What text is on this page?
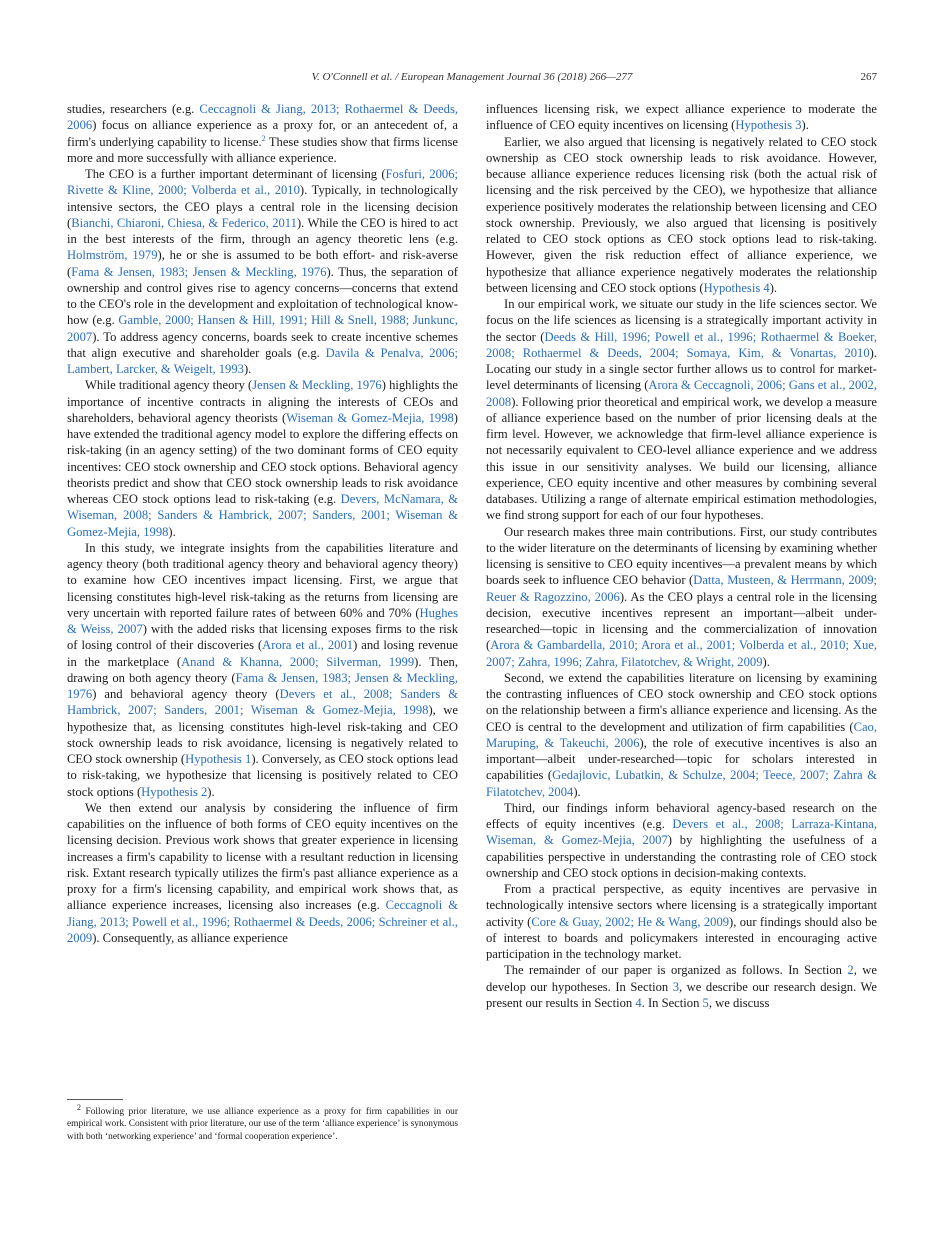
V. O'Connell et al. / European Management Journal 36 (2018) 266—277	267

studies, researchers (e.g. Ceccagnoli & Jiang, 2013; Rothaermel & Deeds, 2006) focus on alliance experience as a proxy for, or an antecedent of, a firm's underlying capability to license.$^2$ These studies show that firms license more and more successfully with alliance experience.

The CEO is a further important determinant of licensing (Fosfuri, 2006; Rivette & Kline, 2000; Volberda et al., 2010). Typically, in technologically intensive sectors, the CEO plays a central role in the licensing decision (Bianchi, Chiaroni, Chiesa, & Federico, 2011). While the CEO is hired to act in the best interests of the firm, through an agency theoretic lens (e.g. Holmström, 1979), he or she is assumed to be both effort- and risk-averse (Fama & Jensen, 1983; Jensen & Meckling, 1976). Thus, the separation of ownership and control gives rise to agency concerns—concerns that extend to the CEO's role in the development and exploitation of technological know-how (e.g. Gamble, 2000; Hansen & Hill, 1991; Hill & Snell, 1988; Junkunc, 2007). To address agency concerns, boards seek to create incentive schemes that align executive and shareholder goals (e.g. Davila & Penalva, 2006; Lambert, Larcker, & Weigelt, 1993).

While traditional agency theory (Jensen & Meckling, 1976) highlights the importance of incentive contracts in aligning the interests of CEOs and shareholders, behavioral agency theorists (Wiseman & Gomez-Mejia, 1998) have extended the traditional agency model to explore the differing effects on risk-taking (in an agency setting) of the two dominant forms of CEO equity incentives: CEO stock ownership and CEO stock options. Behavioral agency theorists predict and show that CEO stock ownership leads to risk avoidance whereas CEO stock options lead to risk-taking (e.g. Devers, McNamara, & Wiseman, 2008; Sanders & Hambrick, 2007; Sanders, 2001; Wiseman & Gomez-Mejia, 1998).

In this study, we integrate insights from the capabilities literature and agency theory (both traditional agency theory and behavioral agency theory) to examine how CEO incentives impact licensing. First, we argue that licensing constitutes high-level risk-taking as the returns from licensing are very uncertain with reported failure rates of between 60% and 70% (Hughes & Weiss, 2007) with the added risks that licensing exposes firms to the risk of losing control of their discoveries (Arora et al., 2001) and losing revenue in the marketplace (Anand & Khanna, 2000; Silverman, 1999). Then, drawing on both agency theory (Fama & Jensen, 1983; Jensen & Meckling, 1976) and behavioral agency theory (Devers et al., 2008; Sanders & Hambrick, 2007; Sanders, 2001; Wiseman & Gomez-Mejia, 1998), we hypothesize that, as licensing constitutes high-level risk-taking and CEO stock ownership leads to risk avoidance, licensing is negatively related to CEO stock ownership (Hypothesis 1). Conversely, as CEO stock options lead to risk-taking, we hypothesize that licensing is positively related to CEO stock options (Hypothesis 2).

We then extend our analysis by considering the influence of firm capabilities on the influence of both forms of CEO equity incentives on the licensing decision. Previous work shows that greater experience in licensing increases a firm's capability to license with a resultant reduction in licensing risk. Extant research typically utilizes the firm's past alliance experience as a proxy for a firm's licensing capability, and empirical work shows that, as alliance experience increases, licensing also increases (e.g. Ceccagnoli & Jiang, 2013; Powell et al., 1996; Rothaermel & Deeds, 2006; Schreiner et al., 2009). Consequently, as alliance experience

influences licensing risk, we expect alliance experience to moderate the influence of CEO equity incentives on licensing (Hypothesis 3).

Earlier, we also argued that licensing is negatively related to CEO stock ownership as CEO stock ownership leads to risk avoidance. However, because alliance experience reduces licensing risk (both the actual risk of licensing and the risk perceived by the CEO), we hypothesize that alliance experience positively moderates the relationship between licensing and CEO stock ownership. Previously, we also argued that licensing is positively related to CEO stock options as CEO stock options lead to risk-taking. However, given the risk reduction effect of alliance experience, we hypothesize that alliance experience negatively moderates the relationship between licensing and CEO stock options (Hypothesis 4).

In our empirical work, we situate our study in the life sciences sector. We focus on the life sciences as licensing is a strategically important activity in the sector (Deeds & Hill, 1996; Powell et al., 1996; Rothaermel & Boeker, 2008; Rothaermel & Deeds, 2004; Somaya, Kim, & Vonartas, 2010). Locating our study in a single sector further allows us to control for market-level determinants of licensing (Arora & Ceccagnoli, 2006; Gans et al., 2002, 2008). Following prior theoretical and empirical work, we develop a measure of alliance experience based on the number of prior licensing deals at the firm level. However, we acknowledge that firm-level alliance experience is not necessarily equivalent to CEO-level alliance experience and we address this issue in our sensitivity analyses. We build our licensing, alliance experience, CEO equity incentive and other measures by combining several databases. Utilizing a range of alternate empirical estimation methodologies, we find strong support for each of our four hypotheses.

Our research makes three main contributions. First, our study contributes to the wider literature on the determinants of licensing by examining whether licensing is sensitive to CEO equity incentives—a prevalent means by which boards seek to influence CEO behavior (Datta, Musteen, & Herrmann, 2009; Reuer & Ragozzino, 2006). As the CEO plays a central role in the licensing decision, executive incentives represent an important—albeit under-researched—topic in licensing and the commercialization of innovation (Arora & Gambardella, 2010; Arora et al., 2001; Volberda et al., 2010; Xue, 2007; Zahra, 1996; Zahra, Filatotchev, & Wright, 2009).

Second, we extend the capabilities literature on licensing by examining the contrasting influences of CEO stock ownership and CEO stock options on the relationship between a firm's alliance experience and licensing. As the CEO is central to the development and utilization of firm capabilities (Cao, Maruping, & Takeuchi, 2006), the role of executive incentives is also an important—albeit under-researched—topic for scholars interested in capabilities (Gedajlovic, Lubatkin, & Schulze, 2004; Teece, 2007; Zahra & Filatotchev, 2004).

Third, our findings inform behavioral agency-based research on the effects of equity incentives (e.g. Devers et al., 2008; Larraza-Kintana, Wiseman, & Gomez-Mejia, 2007) by highlighting the usefulness of a capabilities perspective in understanding the contrasting role of CEO stock ownership and CEO stock options in decision-making contexts.

From a practical perspective, as equity incentives are pervasive in technologically intensive sectors where licensing is a strategically important activity (Core & Guay, 2002; He & Wang, 2009), our findings should also be of interest to boards and policymakers interested in encouraging active participation in the technology market.

The remainder of our paper is organized as follows. In Section 2, we develop our hypotheses. In Section 3, we describe our research design. We present our results in Section 4. In Section 5, we discuss

$^2$ Following prior literature, we use alliance experience as a proxy for firm capabilities in our empirical work. Consistent with prior literature, our use of the term ‘alliance experience’ is synonymous with both ‘networking experience’ and ‘formal cooperation experience’.
